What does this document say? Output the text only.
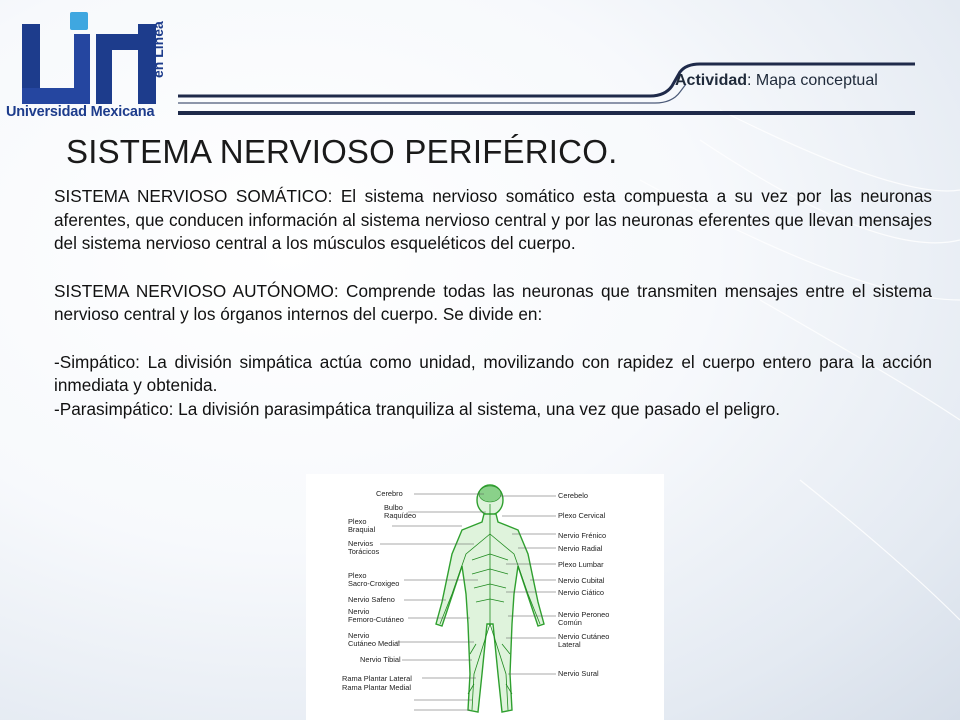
Universidad Mexicana
en Línea
Actividad: Mapa conceptual
SISTEMA NERVIOSO PERIFÉRICO.

SISTEMA NERVIOSO SOMÁTICO: El sistema nervioso somático esta compuesta a su vez por las neuronas aferentes, que conducen información al sistema nervioso central y por las neuronas eferentes que llevan mensajes del sistema nervioso central a los músculos esqueléticos del cuerpo.

SISTEMA NERVIOSO AUTÓNOMO: Comprende todas las neuronas que transmiten mensajes entre el sistema nervioso central y los órganos internos del cuerpo. Se divide en:

-Simpático: La división simpática actúa como unidad, movilizando con rapidez el cuerpo entero para la acción inmediata y obtenida.

-Parasimpático: La división parasimpática tranquiliza al sistema, una vez que pasado el peligro.

Cerebro
Bulbo
Raquídeo
Plexo
Braquial
Nervios
Torácicos
Plexo
Sacro-Croxigeo
Nervio Safeno
Nervio
Femoro-Cutáneo
Nervio
Cutáneo Medial
Nervio Tibial
Rama Plantar Lateral
Rama Plantar Medial
Cerebelo
Plexo Cervical
Nervio Frénico
Nervio Radial
Plexo Lumbar
Nervio Cubital
Nervio Ciático
Nervio Peroneo
Común
Nervio Cutáneo
Lateral
Nervio Sural
